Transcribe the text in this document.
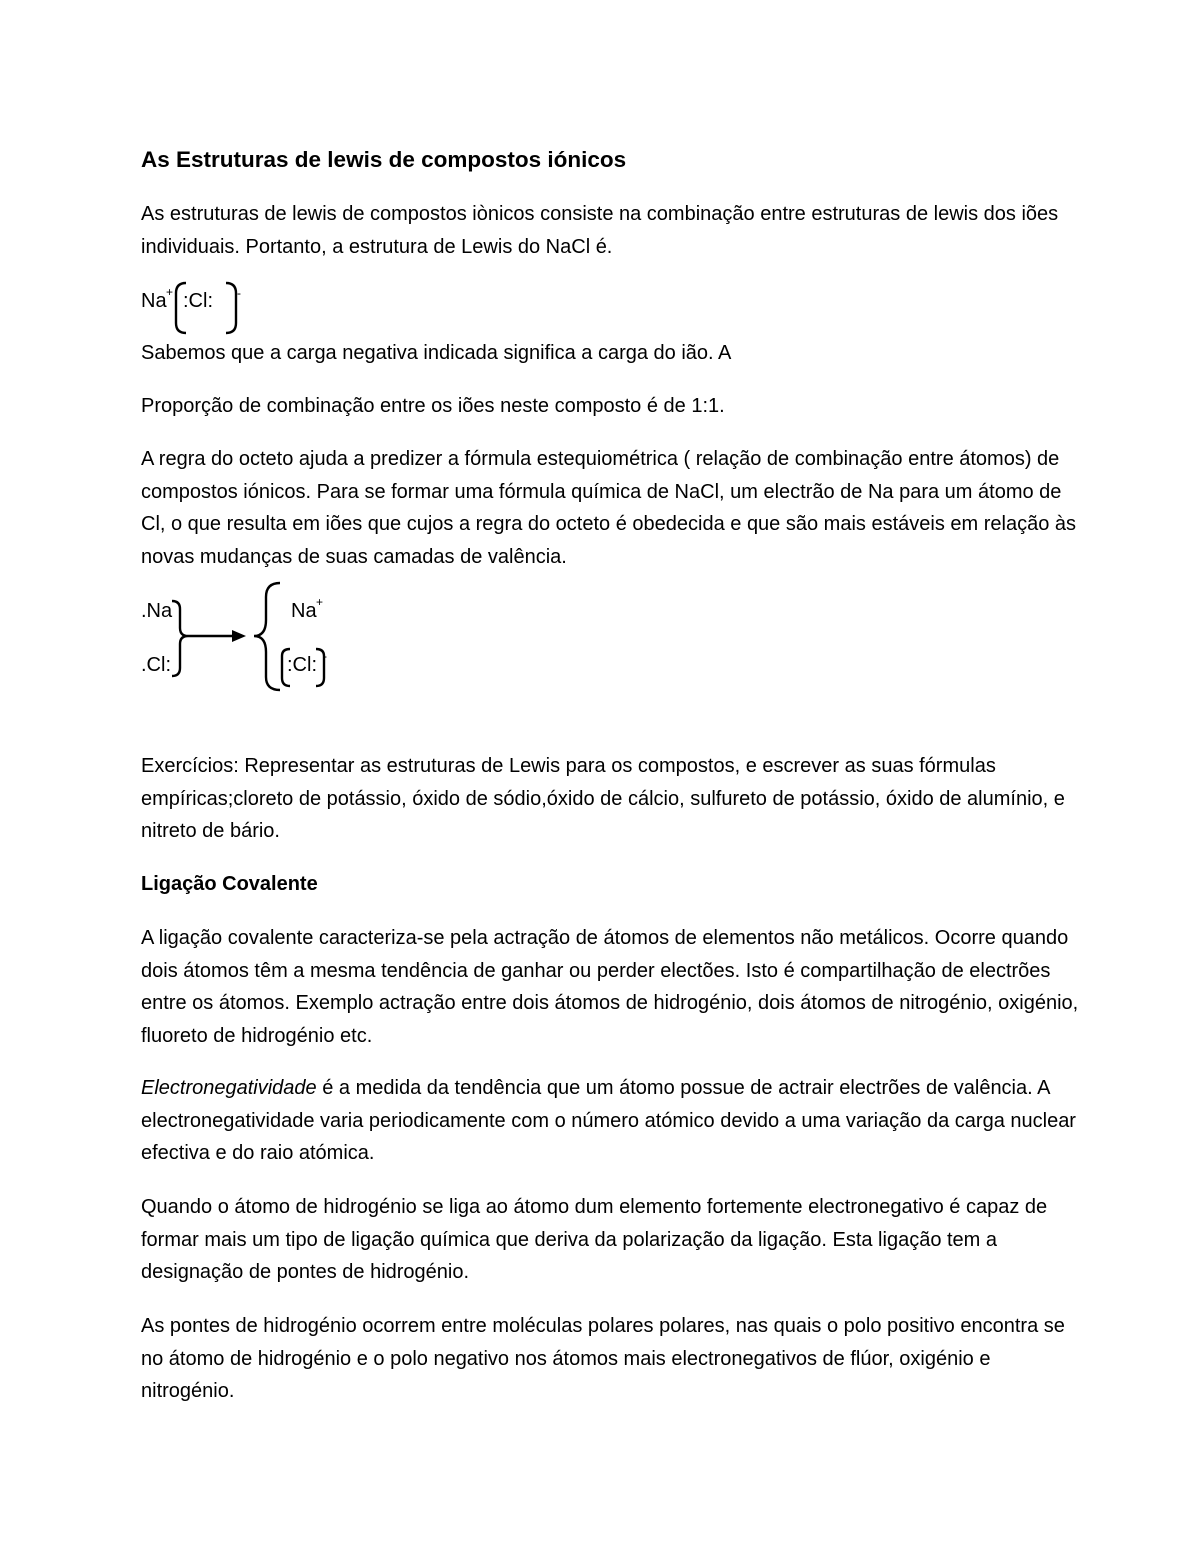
As Estruturas de lewis de compostos iónicos

As estruturas de lewis de compostos iònicos consiste na combinação entre estruturas de lewis dos iões individuais. Portanto, a estrutura de Lewis do NaCl é.

Na + :Cl: -

Sabemos que a carga negativa indicada significa a carga do ião. A

Proporção de combinação entre os iões neste composto é de 1:1.

A regra do octeto ajuda a predizer a fórmula estequiométrica ( relação de combinação entre átomos) de compostos iónicos. Para se formar uma fórmula química de NaCl, um electrão de Na para um átomo de Cl, o que resulta em iões que cujos a regra do octeto é obedecida e que são mais estáveis em relação às novas mudanças de suas camadas de valência.

.Na
.Cl:
Na +
:Cl: -

Exercícios: Representar as estruturas de Lewis para os compostos, e escrever as suas fórmulas empíricas;cloreto de potássio, óxido de sódio,óxido de cálcio, sulfureto de potássio, óxido de alumínio, e nitreto de bário.

Ligação Covalente

A ligação covalente caracteriza-se pela actração de átomos de elementos não metálicos. Ocorre quando dois átomos têm a mesma tendência de ganhar ou perder electões. Isto é compartilhação de electrões entre os átomos. Exemplo actração entre dois átomos de hidrogénio, dois átomos de nitrogénio, oxigénio, fluoreto de hidrogénio etc.

Electronegatividade é a medida da tendência que um átomo possue de actrair electrões de valência. A electronegatividade varia periodicamente com o número atómico devido a uma variação da carga nuclear efectiva e do raio atómica.

Quando o átomo de hidrogénio se liga ao átomo dum elemento fortemente electronegativo é capaz de formar mais um tipo de ligação química que deriva da polarização da ligação. Esta ligação tem a designação de pontes de hidrogénio.

As pontes de hidrogénio ocorrem entre moléculas polares polares, nas quais o polo positivo encontra se no átomo de hidrogénio e o polo negativo nos átomos mais electronegativos de flúor, oxigénio e nitrogénio.
